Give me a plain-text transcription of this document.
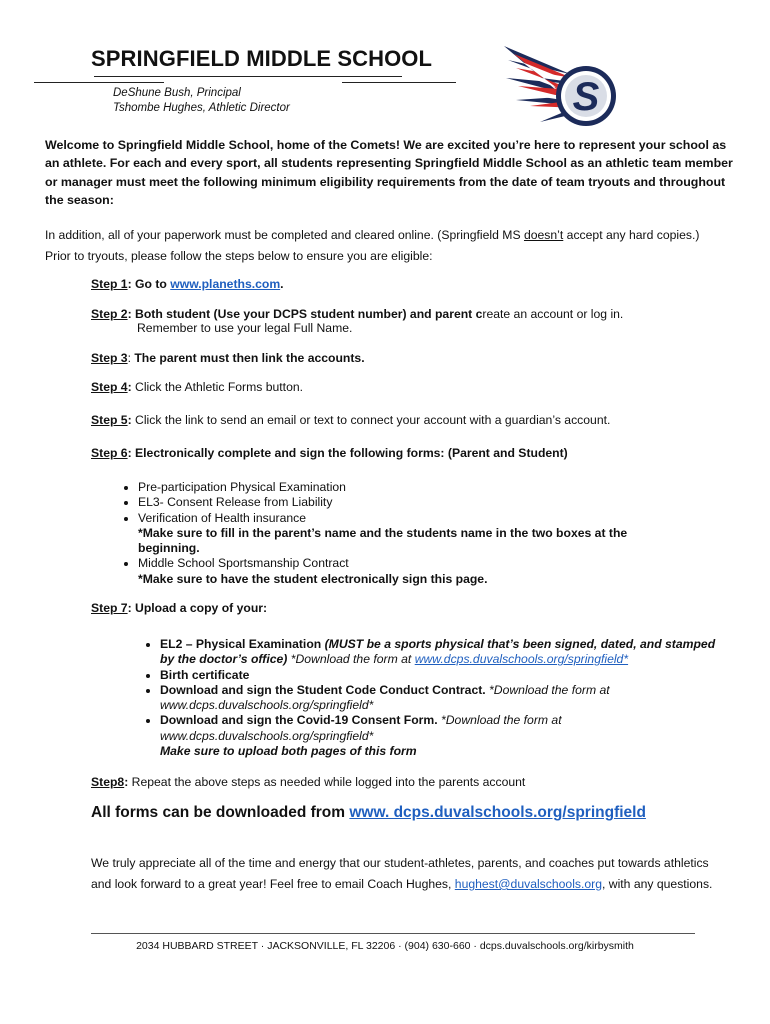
SPRINGFIELD MIDDLE SCHOOL
DeShune Bush, Principal
Tshombe Hughes, Athletic Director	S
Welcome to Springfield Middle School, home of the Comets! We are excited you’re here to represent your school as an athlete. For each and every sport, all students representing Springfield Middle School as an athletic team member or manager must meet the following minimum eligibility requirements from the date of team tryouts and throughout the season:
In addition, all of your paperwork must be completed and cleared online. (Springfield MS doesn’t accept any hard copies.)
Prior to tryouts, please follow the steps below to ensure you are eligible:
Step 1: Go to www.planeths.com.
Step 2: Both student (Use your DCPS student number) and parent create an account or log in.
Remember to use your legal Full Name.
Step 3: The parent must then link the accounts.
Step 4: Click the Athletic Forms button.
Step 5: Click the link to send an email or text to connect your account with a guardian’s account.
Step 6: Electronically complete and sign the following forms: (Parent and Student)
• Pre-participation Physical Examination
• EL3- Consent Release from Liability
• Verification of Health insurance
*Make sure to fill in the parent’s name and the students name in the two boxes at the beginning.
• Middle School Sportsmanship Contract
*Make sure to have the student electronically sign this page.
Step 7: Upload a copy of your:
• EL2 – Physical Examination (MUST be a sports physical that’s been signed, dated, and stamped by the doctor’s office) *Download the form at www.dcps.duvalschools.org/springfield*
• Birth certificate
• Download and sign the Student Code Conduct Contract. *Download the form at www.dcps.duvalschools.org/springfield*
• Download and sign the Covid-19 Consent Form. *Download the form at www.dcps.duvalschools.org/springfield*
Make sure to upload both pages of this form
Step8: Repeat the above steps as needed while logged into the parents account
All forms can be downloaded from www. dcps.duvalschools.org/springfield
We truly appreciate all of the time and energy that our student-athletes, parents, and coaches put towards athletics and look forward to a great year! Feel free to email Coach Hughes, hughest@duvalschools.org, with any questions.
2034 HUBBARD STREET · JACKSONVILLE, FL 32206 · (904) 630-660 · dcps.duvalschools.org/kirbysmith
